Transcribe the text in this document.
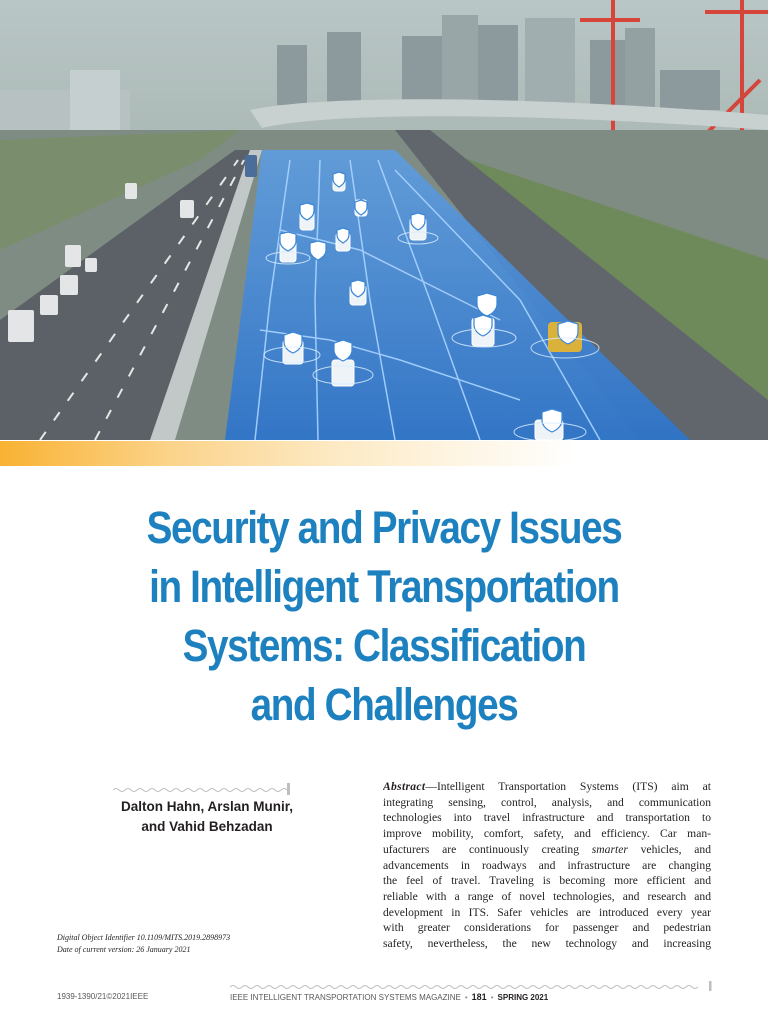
Security and Privacy Issues
in Intelligent Transportation
Systems: Classification
and Challenges
Dalton Hahn, Arslan Munir,
and Vahid Behzadan
Digital Object Identifier 10.1109/MITS.2019.2898973
Date of current version: 26 January 2021
Abstract—Intelligent Transportation Systems (ITS) aim at
integrating sensing, control, analysis, and communication
technologies into travel infrastructure and transportation to
improve mobility, comfort, safety, and efficiency. Car man-
ufacturers are continuously creating smarter vehicles, and
advancements in roadways and infrastructure are changing
the feel of travel. Traveling is becoming more efficient and
reliable with a range of novel technologies, and research and
development in ITS. Safer vehicles are introduced every year
with greater considerations for passenger and pedestrian
safety, nevertheless, the new technology and increasing
1939-1390/21©2021IEEE	IEEE INTELLIGENT TRANSPORTATION SYSTEMS MAGAZINE • 181 • SPRING 2021
